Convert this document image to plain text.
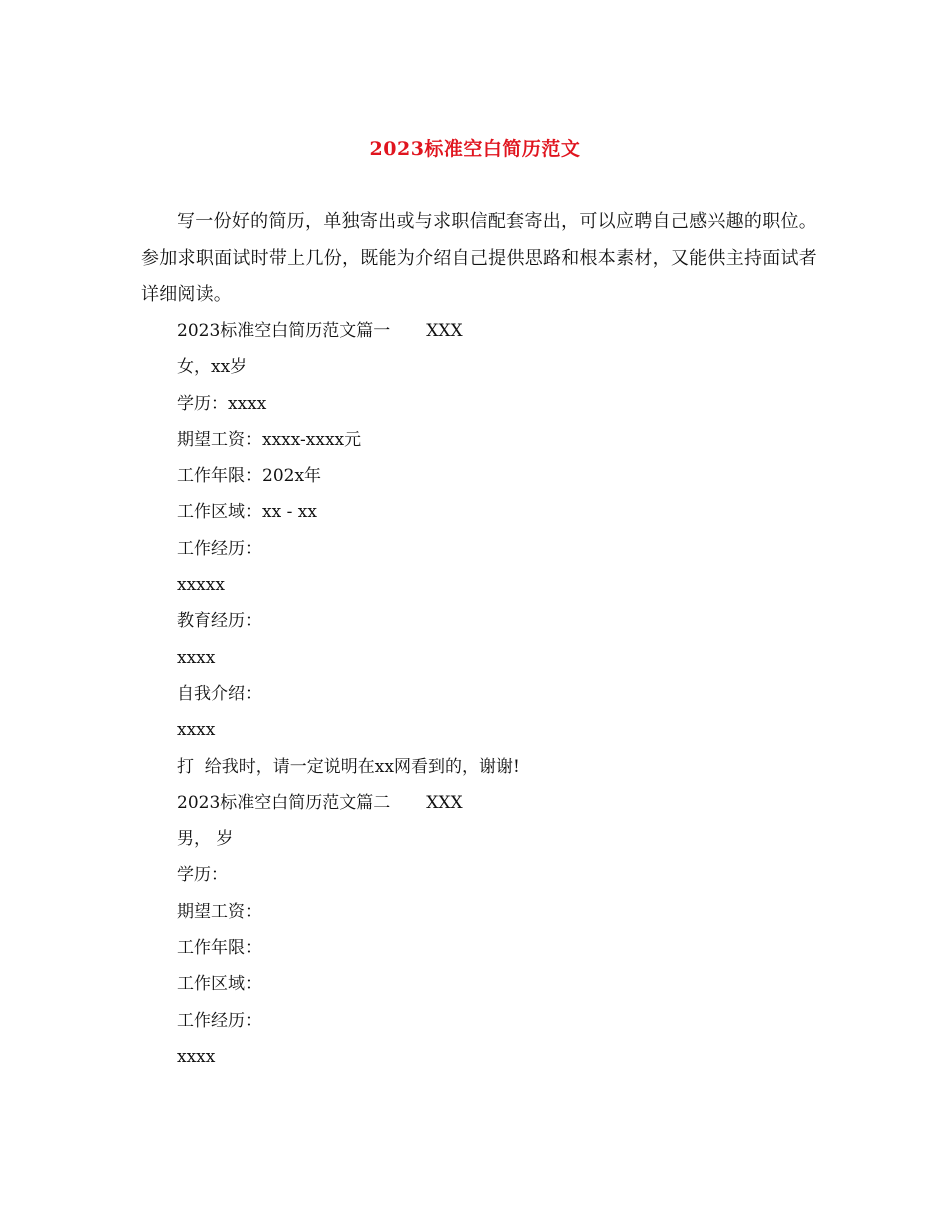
2023标准空白简历范文
写一份好的简历，单独寄出或与求职信配套寄出，可以应聘自己感兴趣的职位。参加求职面试时带上几份，既能为介绍自己提供思路和根本素材，又能供主持面试者详细阅读。
2023标准空白简历范文篇一 XXX
女，xx岁
学历：xxxx
期望工资：xxxx-xxxx元
工作年限：202x年
工作区域：xx - xx
工作经历：
xxxxx
教育经历：
xxxx
自我介绍：
xxxx
打  给我时，请一定说明在xx网看到的，谢谢!
2023标准空白简历范文篇二 XXX
男， 岁
学历：
期望工资：
工作年限：
工作区域：
工作经历：
xxxx
